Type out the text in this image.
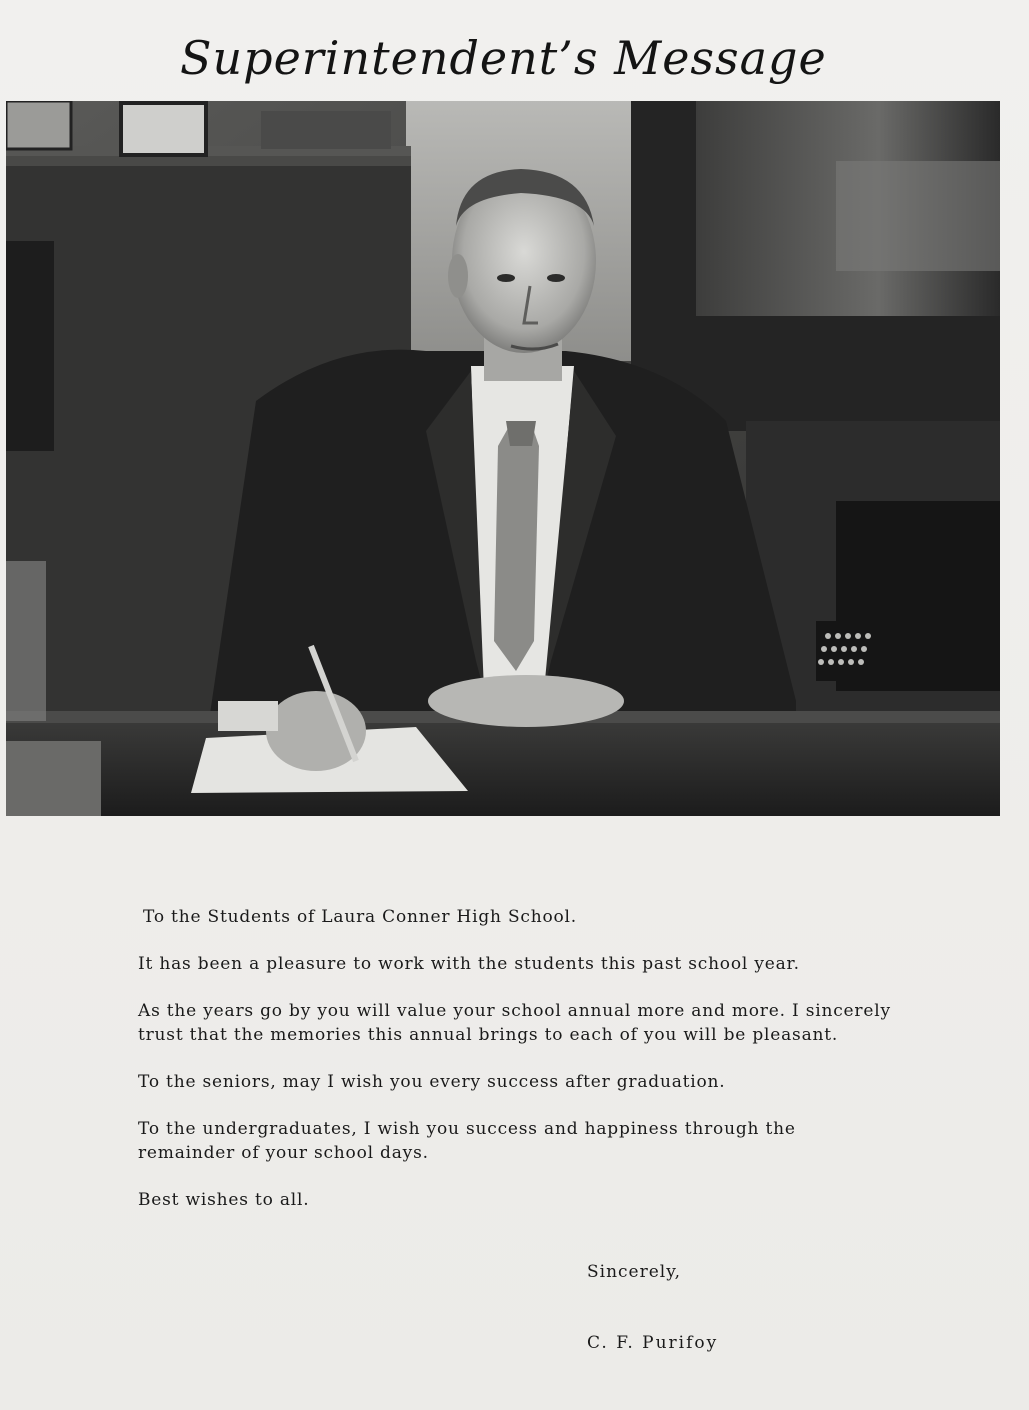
Superintendent’s Message

To the Students of Laura Conner High School.

It has been a pleasure to work with the students this past school year.

As the years go by you will value your school annual more and more. I sincerely trust that the memories this annual brings to each of you will be pleasant.

To the seniors, may I wish you every success after graduation.

To the undergraduates, I wish you success and happiness through the remainder of your school days.

Best wishes to all.

Sincerely,
C. F. Purifoy
